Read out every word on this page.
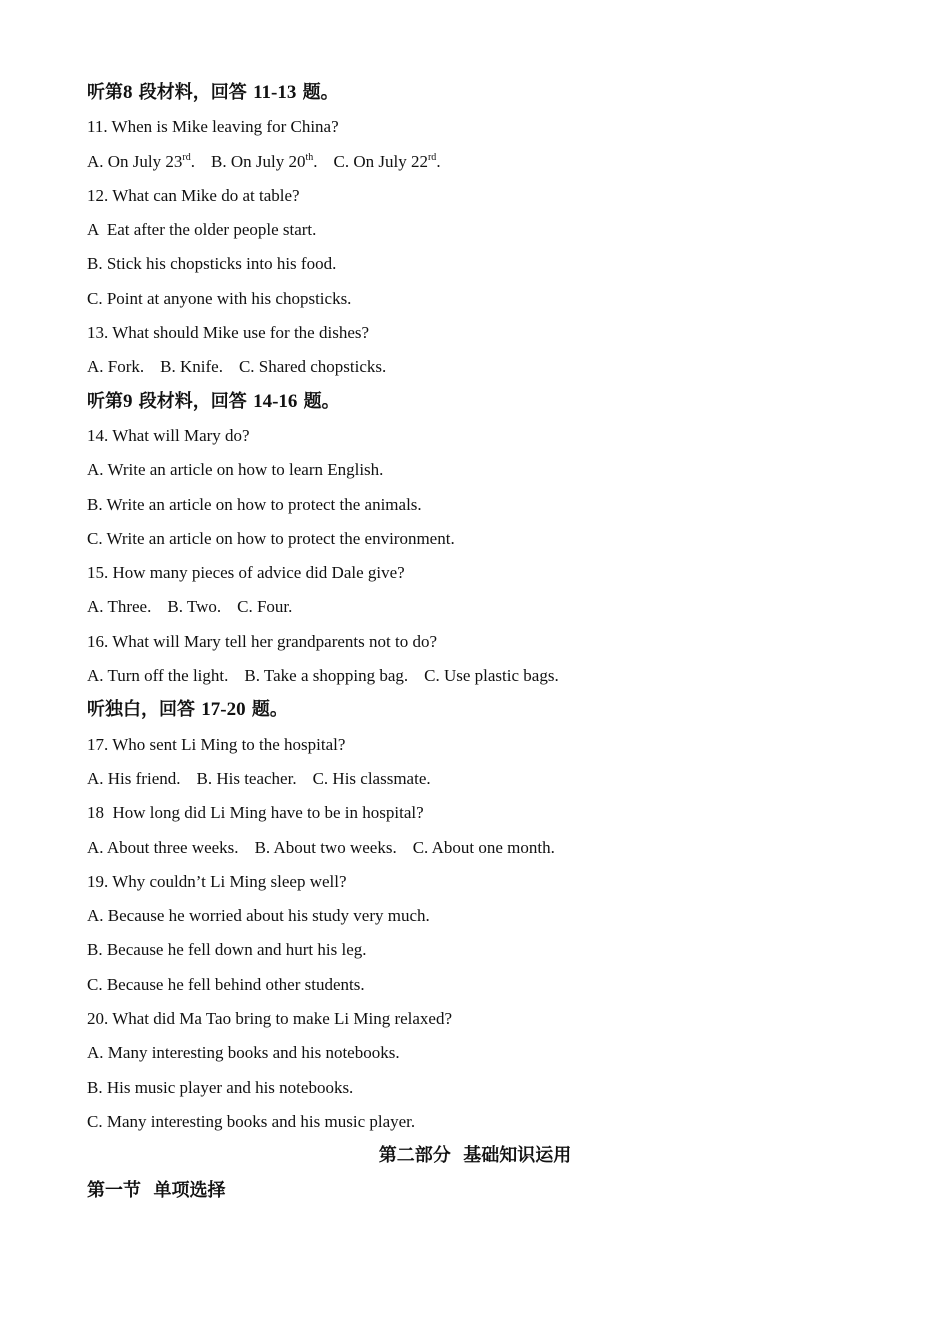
听第8 段材料，回答 11-13 题。
11. When is Mike leaving for China?
A. On July 23rd. B. On July 20th. C. On July 22rd.
12. What can Mike do at table?
A  Eat after the older people start.
B. Stick his chopsticks into his food.
C. Point at anyone with his chopsticks.
13. What should Mike use for the dishes?
A. Fork. B. Knife. C. Shared chopsticks.
听第9 段材料，回答 14-16 题。
14. What will Mary do?
A. Write an article on how to learn English.
B. Write an article on how to protect the animals.
C. Write an article on how to protect the environment.
15. How many pieces of advice did Dale give?
A. Three. B. Two. C. Four.
16. What will Mary tell her grandparents not to do?
A. Turn off the light. B. Take a shopping bag. C. Use plastic bags.
听独白，回答 17-20 题。
17. Who sent Li Ming to the hospital?
A. His friend. B. His teacher. C. His classmate.
18  How long did Li Ming have to be in hospital?
A. About three weeks. B. About two weeks. C. About one month.
19. Why couldn’t Li Ming sleep well?
A. Because he worried about his study very much.
B. Because he fell down and hurt his leg.
C. Because he fell behind other students.
20. What did Ma Tao bring to make Li Ming relaxed?
A. Many interesting books and his notebooks.
B. His music player and his notebooks.
C. Many interesting books and his music player.
第二部分  基础知识运用
第一节  单项选择
